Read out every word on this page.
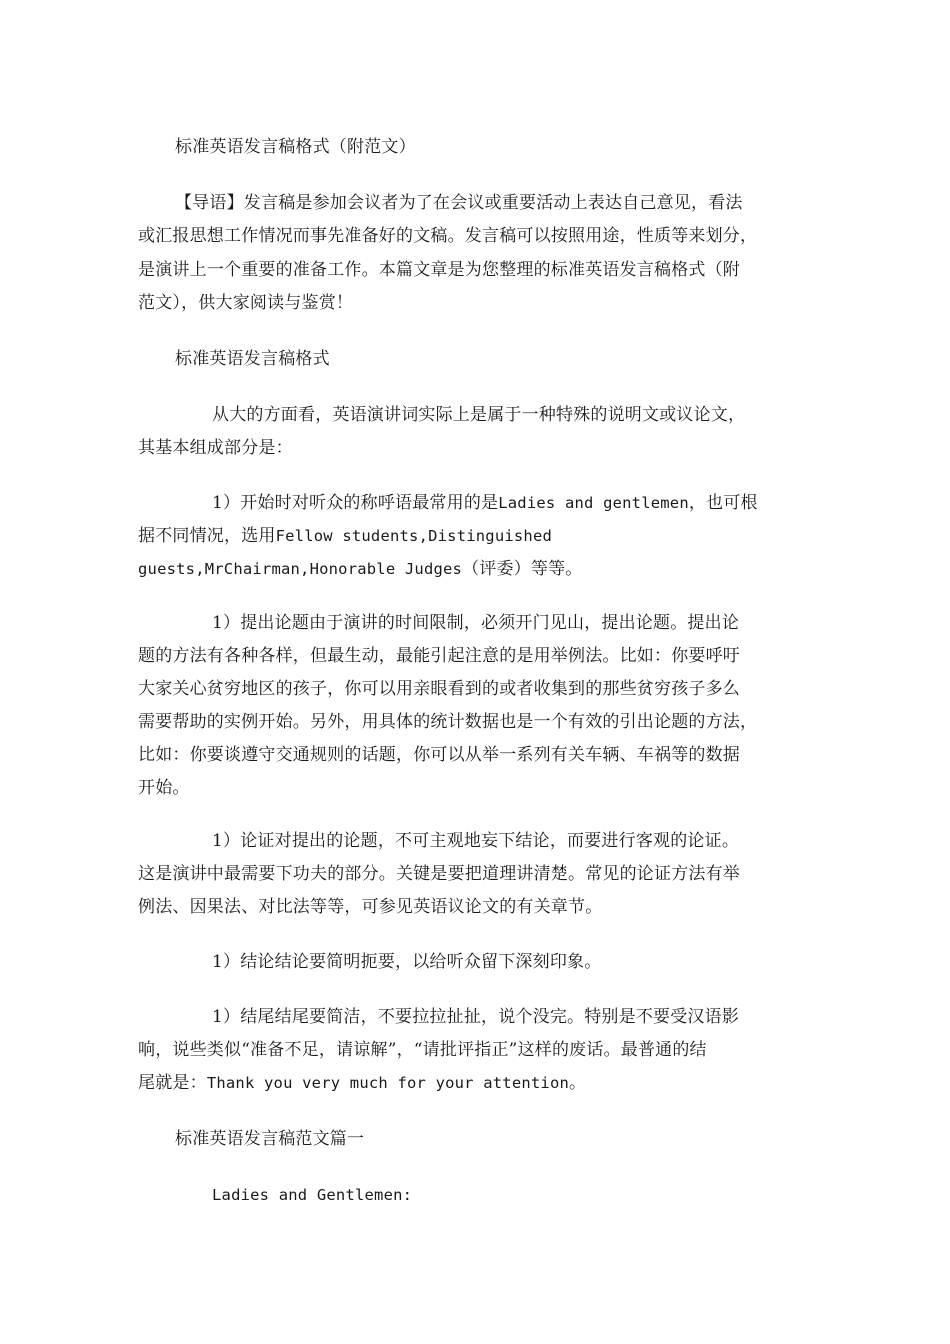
标准英语发言稿格式（附范文）
【导语】发言稿是参加会议者为了在会议或重要活动上表达自己意见，看法
或汇报思想工作情况而事先准备好的文稿。发言稿可以按照用途，性质等来划分，
是演讲上一个重要的准备工作。本篇文章是为您整理的标准英语发言稿格式（附
范文），供大家阅读与鉴赏！
标准英语发言稿格式
从大的方面看，英语演讲词实际上是属于一种特殊的说明文或议论文，
其基本组成部分是：
1）开始时对听众的称呼语最常用的是Ladies and gentlemen，也可根
据不同情况，选用Fellow students,Distinguished
guests,MrChairman,Honorable Judges（评委）等等。
1）提出论题由于演讲的时间限制，必须开门见山，提出论题。提出论
题的方法有各种各样，但最生动，最能引起注意的是用举例法。比如：你要呼吁
大家关心贫穷地区的孩子，你可以用亲眼看到的或者收集到的那些贫穷孩子多么
需要帮助的实例开始。另外，用具体的统计数据也是一个有效的引出论题的方法，
比如：你要谈遵守交通规则的话题，你可以从举一系列有关车辆、车祸等的数据
开始。
1）论证对提出的论题，不可主观地妄下结论，而要进行客观的论证。
这是演讲中最需要下功夫的部分。关键是要把道理讲清楚。常见的论证方法有举
例法、因果法、对比法等等，可参见英语议论文的有关章节。
1）结论结论要简明扼要，以给听众留下深刻印象。
1）结尾结尾要简洁，不要拉拉扯扯，说个没完。特别是不要受汉语影
响，说些类似“准备不足，请谅解”，“请批评指正”这样的废话。最普通的结
尾就是：Thank you very much for your attention。
标准英语发言稿范文篇一
Ladies and Gentlemen:
